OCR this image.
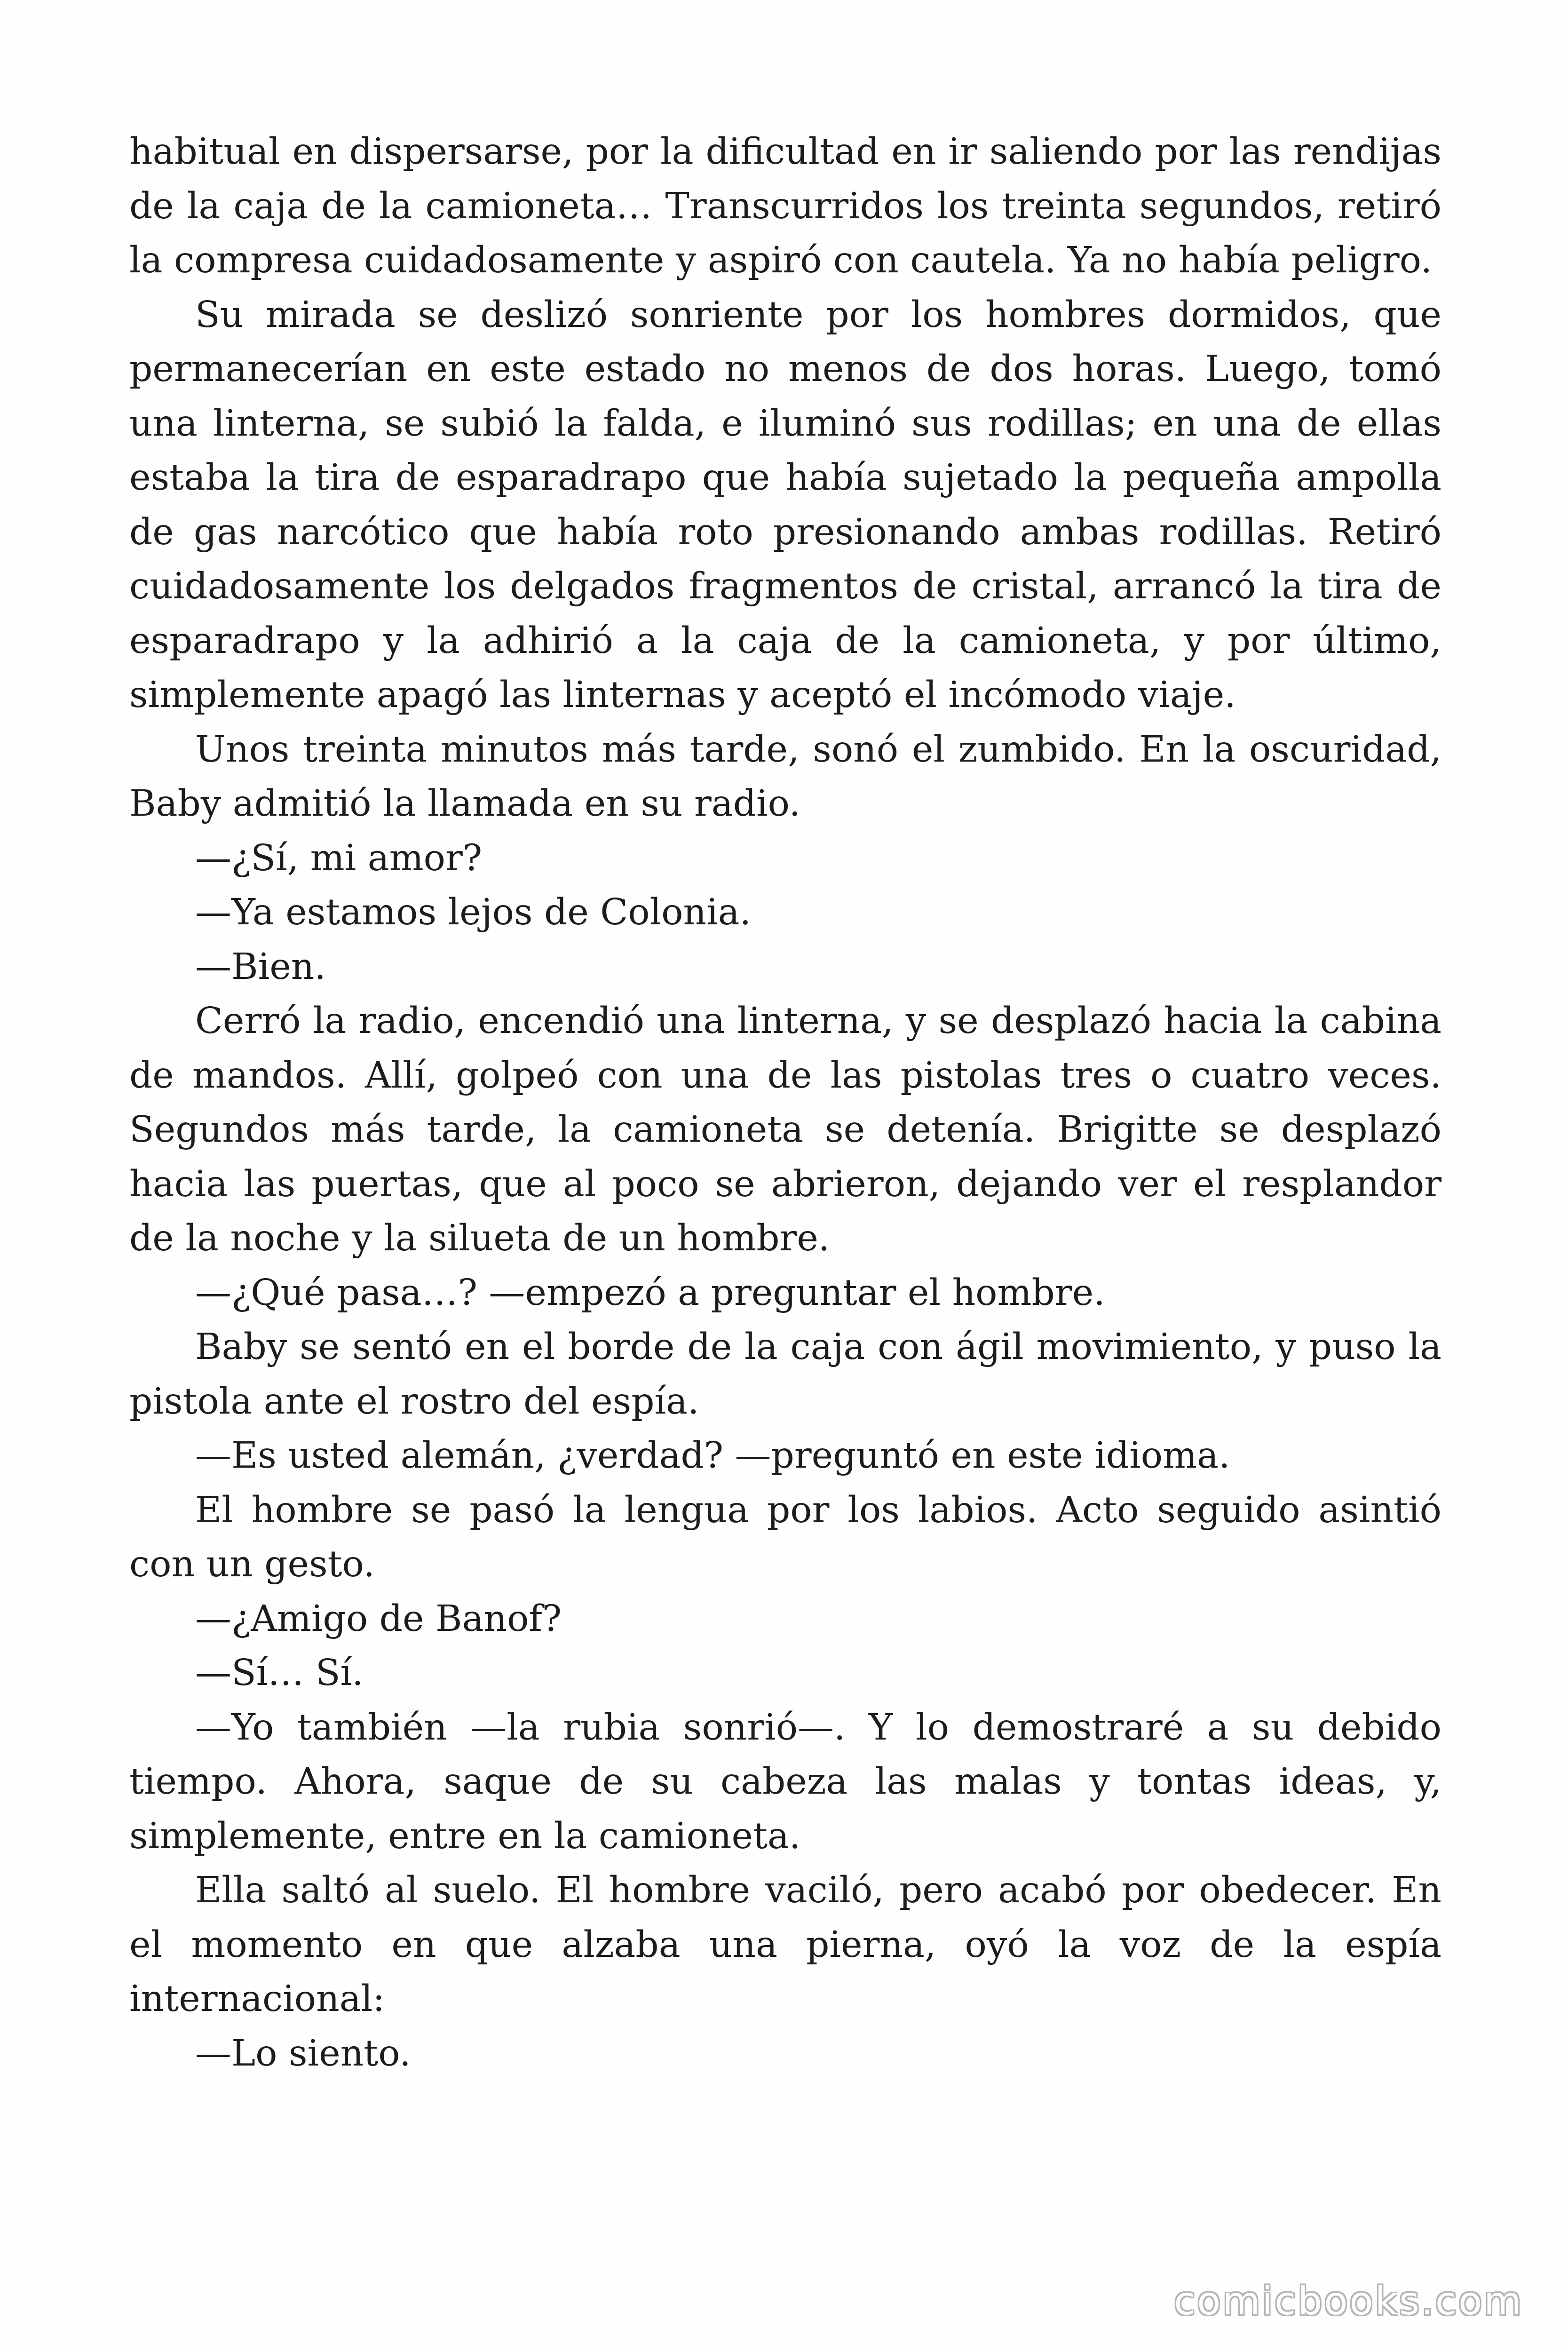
habitual en dispersarse, por la dificultad en ir saliendo por las rendijas de la caja de la camioneta… Transcurridos los treinta segundos, retiró la compresa cuidadosamente y aspiró con cautela. Ya no había peligro.

Su mirada se deslizó sonriente por los hombres dormidos, que permanecerían en este estado no menos de dos horas. Luego, tomó una linterna, se subió la falda, e iluminó sus rodillas; en una de ellas estaba la tira de esparadrapo que había sujetado la pequeña ampolla de gas narcótico que había roto presionando ambas rodillas. Retiró cuidadosamente los delgados fragmentos de cristal, arrancó la tira de esparadrapo y la adhirió a la caja de la camioneta, y por último, simplemente apagó las linternas y aceptó el incómodo viaje.

Unos treinta minutos más tarde, sonó el zumbido. En la oscuridad, Baby admitió la llamada en su radio.

—¿Sí, mi amor?

—Ya estamos lejos de Colonia.

—Bien.

Cerró la radio, encendió una linterna, y se desplazó hacia la cabina de mandos. Allí, golpeó con una de las pistolas tres o cuatro veces. Segundos más tarde, la camioneta se detenía. Brigitte se desplazó hacia las puertas, que al poco se abrieron, dejando ver el resplandor de la noche y la silueta de un hombre.

—¿Qué pasa…? —empezó a preguntar el hombre.

Baby se sentó en el borde de la caja con ágil movimiento, y puso la pistola ante el rostro del espía.

—Es usted alemán, ¿verdad? —preguntó en este idioma.

El hombre se pasó la lengua por los labios. Acto seguido asintió con un gesto.

—¿Amigo de Banof?

—Sí… Sí.

—Yo también —la rubia sonrió—. Y lo demostraré a su debido tiempo. Ahora, saque de su cabeza las malas y tontas ideas, y, simplemente, entre en la camioneta.

Ella saltó al suelo. El hombre vaciló, pero acabó por obedecer. En el momento en que alzaba una pierna, oyó la voz de la espía internacional:

—Lo siento.

comicbooks.com
